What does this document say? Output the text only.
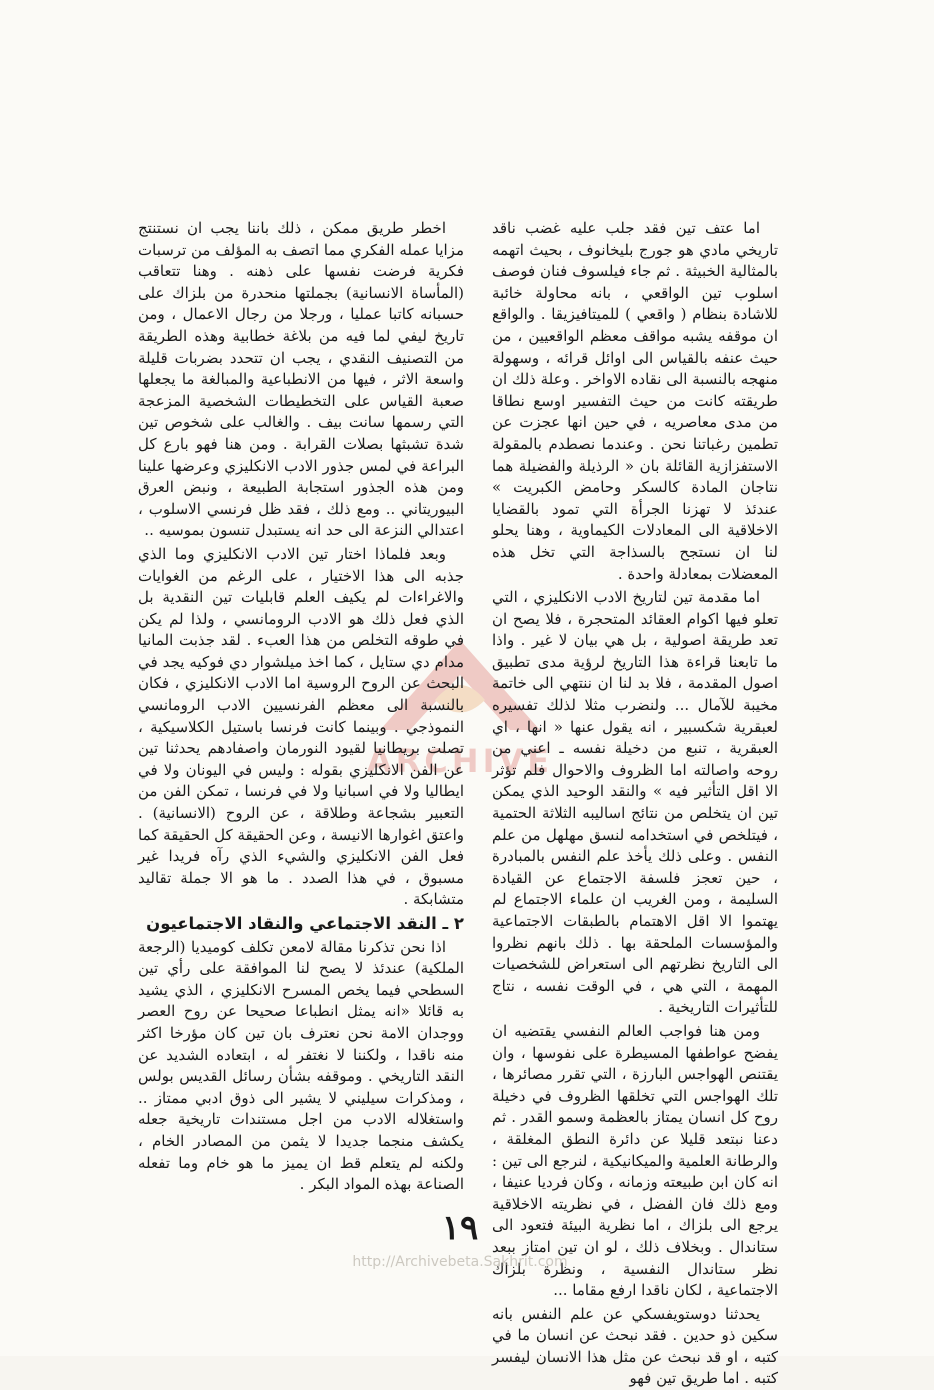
ARCHIVE

اما عتف تين فقد جلب عليه غضب ناقد تاريخي مادي هو جورج بليخانوف ، بحيث اتهمه بالمثالية الخبيثة . ثم جاء فيلسوف فنان فوصف اسلوب تين الواقعي ، بانه محاولة خائبة للاشادة بنظام ( واقعي ) للميتافيزيقا . والواقع ان موقفه يشبه مواقف معظم الواقعيين ، من حيث عنفه بالقياس الى اوائل قرائه ، وسهولة منهجه بالنسبة الى نقاده الاواخر . وعلة ذلك ان طريقته كانت من حيث التفسير اوسع نطاقا من مدى معاصريه ، في حين انها عجزت عن تطمين رغباتنا نحن . وعندما نصطدم بالمقولة الاستفزازية القائلة بان « الرذيلة والفضيلة هما نتاجان المادة كالسكر وحامض الكبريت » عندئذ لا تهزنا الجرأة التي تمود بالقضايا الاخلاقية الى المعادلات الكيماوية ، وهنا يحلو لنا ان نستجح بالسذاجة التي تخل هذه المعضلات بمعادلة واحدة .

اما مقدمة تين لتاريخ الادب الانكليزي ، التي تعلو فيها اكوام العقائد المتحجرة ، فلا يصح ان تعد طريقة اصولية ، بل هي بيان لا غير . واذا ما تابعنا قراءة هذا التاريخ لرؤية مدى تطبيق اصول المقدمة ، فلا بد لنا ان ننتهي الى خاتمة مخيبة للآمال ... ولنضرب مثلا لذلك تفسيره لعبقرية شكسبير ، انه يقول عنها « انها ، اي العبقرية ، تنبع من دخيلة نفسه ـ اعني من روحه واصالته اما الظروف والاحوال فلم تؤثر الا اقل التأثير فيه » والنقد الوحيد الذي يمكن تين ان يتخلص من نتائج اساليبه الثلاثة الحتمية ، فيتلخص في استخدامه لنسق مهلهل من علم النفس . وعلى ذلك يأخذ علم النفس بالمبادرة ، حين تعجز فلسفة الاجتماع عن القيادة السليمة ، ومن الغريب ان علماء الاجتماع لم يهتموا الا اقل الاهتمام بالطبقات الاجتماعية والمؤسسات الملحقة بها . ذلك بانهم نظروا الى التاريخ نظرتهم الى استعراض للشخصيات المهمة ، التي هي ، في الوقت نفسه ، نتاج للتأثيرات التاريخية .

ومن هنا فواجب العالم النفسي يقتضيه ان يفضح عواطفها المسيطرة على نفوسها ، وان يقتنص الهواجس البارزة ، التي تقرر مصائرها ، تلك الهواجس التي تخلقها الظروف في دخيلة روح كل انسان يمتاز بالعظمة وسمو القدر . ثم دعنا نبتعد قليلا عن دائرة النطق المغلقة ، والرطانة العلمية والميكانيكية ، لنرجع الى تين : انه كان ابن طبيعته وزمانه ، وكان فرديا عنيفا ، ومع ذلك فان الفضل ، في نظريته الاخلاقية يرجع الى بلزاك ، اما نظرية البيئة فتعود الى ستاندال . وبخلاف ذلك ، لو ان تين امتاز ببعد نظر ستاندال النفسية ، ونظرة بلزاك الاجتماعية ، لكان ناقدا ارفع مقاما ...

يحدثنا دوستويفسكي عن علم النفس بانه سكين ذو حدين . فقد نبحث عن انسان ما في كتبه ، او قد نبحث عن مثل هذا الانسان ليفسر كتبه . اما طريق تين فهو

اخطر طريق ممكن ، ذلك باننا يجب ان نستنتج مزايا عمله الفكري مما اتصف به المؤلف من ترسبات فكرية فرضت نفسها على ذهنه . وهنا تتعاقب (المأساة الانسانية) بجملتها منحدرة من بلزاك على حسبانه كاتبا عمليا ، ورجلا من رجال الاعمال ، ومن تاريخ ليفي لما فيه من بلاغة خطابية وهذه الطريقة من التصنيف النقدي ، يجب ان تتحدد بضربات قليلة واسعة الاثر ، فيها من الانطباعية والمبالغة ما يجعلها صعبة القياس على التخطيطات الشخصية المزعجة التي رسمها سانت بيف . والغالب على شخوص تين شدة تشبثها بصلات القرابة . ومن هنا فهو بارع كل البراعة في لمس جذور الادب الانكليزي وعرضها علينا ومن هذه الجذور استجابة الطبيعة ، ونبض العرق البيوريتاني .. ومع ذلك ، فقد ظل فرنسي الاسلوب ، اعتدالي النزعة الى حد انه يستبدل تنسون بموسيه ..

وبعد فلماذا اختار تين الادب الانكليزي وما الذي جذبه الى هذا الاختيار ، على الرغم من الغوايات والاغراءات لم يكيف العلم قابليات تين النقدية بل الذي فعل ذلك هو الادب الرومانسي ، ولذا لم يكن في طوقه التخلص من هذا العبء . لقد جذبت المانيا مدام دي ستايل ، كما اخذ ميلشوار دي فوكيه يجد في البحث عن الروح الروسية اما الادب الانكليزي ، فكان بالنسبة الى معظم الفرنسيين الادب الرومانسي النموذجي . وبينما كانت فرنسا باستيل الكلاسيكية ، تصلت بريطانيا لقيود النورمان واصفادهم يحدثنا تين عن الفن الانكليزي بقوله : وليس في اليونان ولا في ايطاليا ولا في اسبانيا ولا في فرنسا ، تمكن الفن من التعبير بشجاعة وطلاقة ، عن الروح (الانسانية) . واعتق اغوارها الانيسة ، وعن الحقيقة كل الحقيقة كما فعل الفن الانكليزي والشيء الذي رآه فريدا غير مسبوق ، في هذا الصدد . ما هو الا جملة تقاليد متشابكة .

٢ ـ النقد الاجتماعي والنقاد الاجتماعيون

اذا نحن تذكرنا مقالة لامعن تكلف كوميديا (الرجعة الملكية) عندئذ لا يصح لنا الموافقة على رأي تين السطحي فيما يخص المسرح الانكليزي ، الذي يشيد به قائلا «انه يمثل انطباعا صحيحا عن روح العصر ووجدان الامة نحن نعترف بان تين كان مؤرخا اكثر منه ناقدا ، ولكننا لا نغتفر له ، ابتعاده الشديد عن النقد التاريخي . وموقفه بشأن رسائل القديس بولس ، ومذكرات سيليني لا يشير الى ذوق ادبي ممتاز .. واستغلاله الادب من اجل مستندات تاريخية جعله يكشف منجما جديدا لا يثمن من المصادر الخام ، ولكنه لم يتعلم قط ان يميز ما هو خام وما تفعله الصناعة بهذه المواد البكر .

http://Archivebeta.Sakhrit.com
١٩
